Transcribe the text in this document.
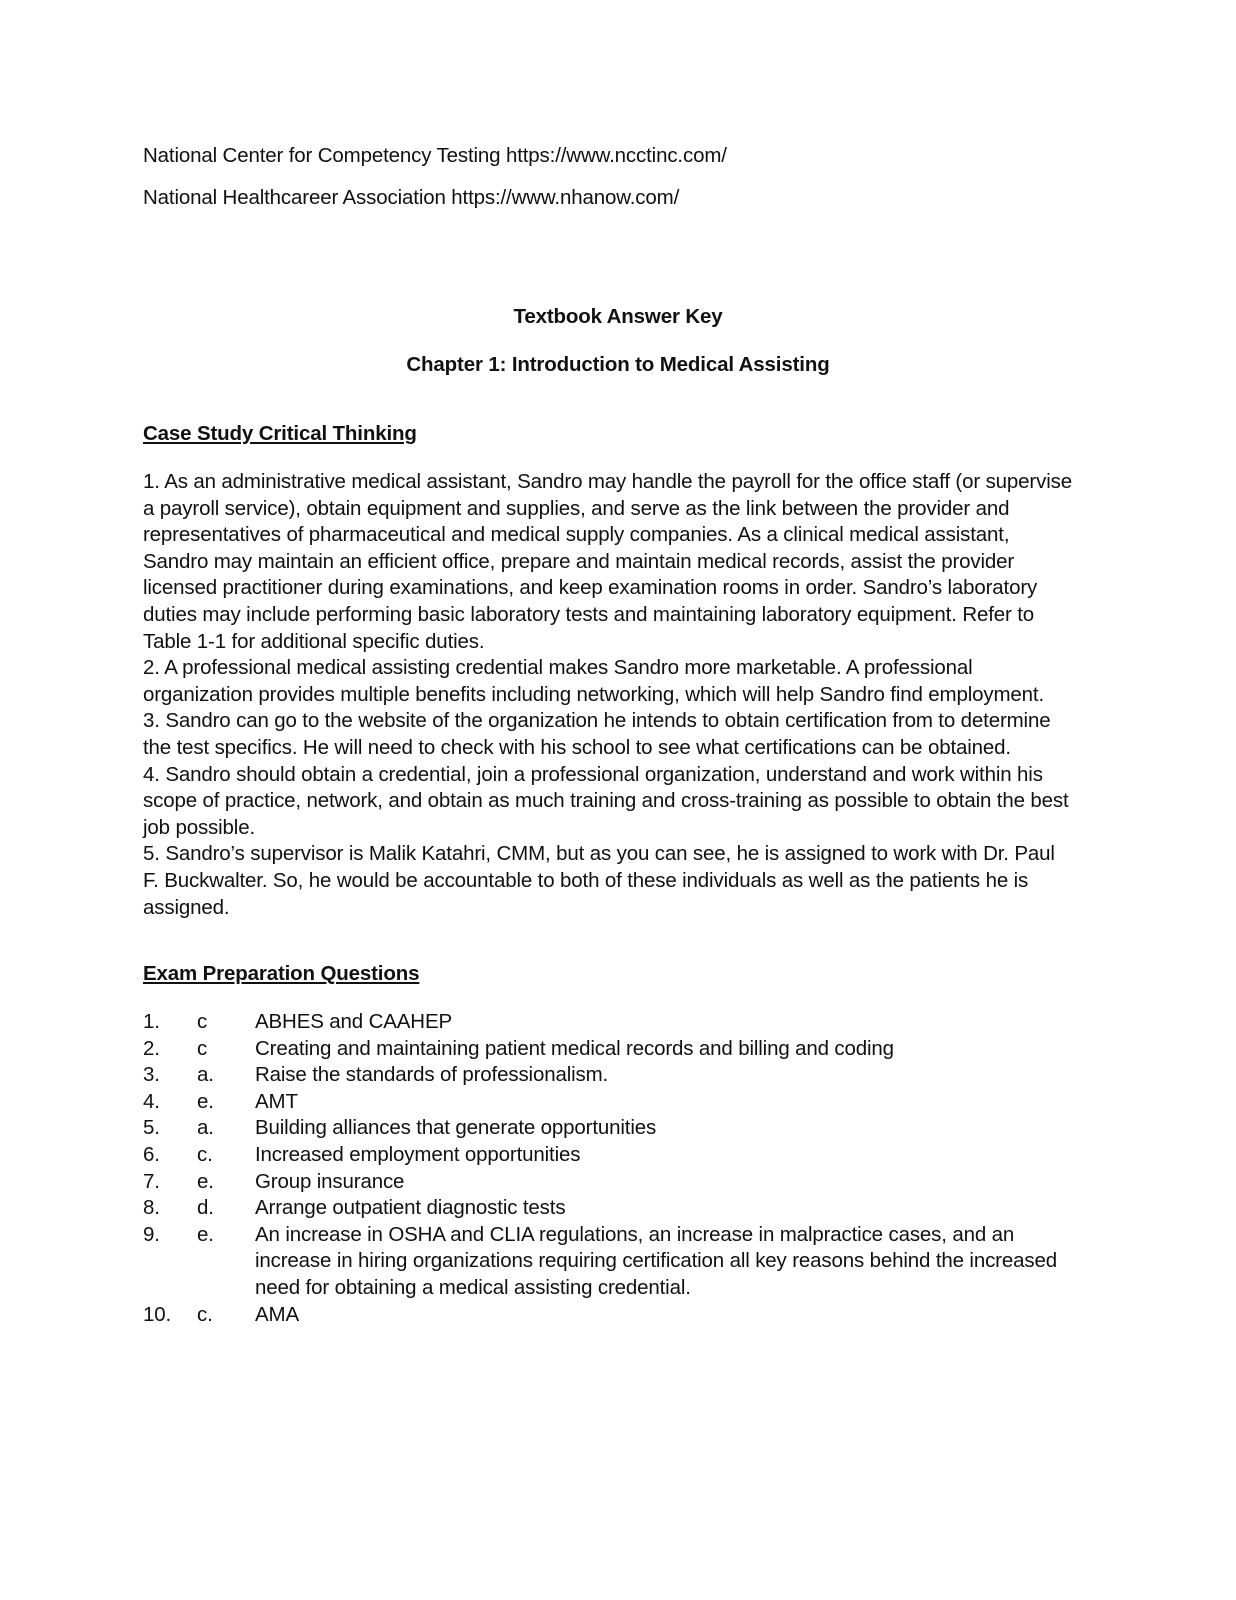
National Center for Competency Testing https://www.ncctinc.com/
National Healthcareer Association https://www.nhanow.com/
Textbook Answer Key
Chapter 1: Introduction to Medical Assisting
Case Study Critical Thinking

1. As an administrative medical assistant, Sandro may handle the payroll for the office staff (or supervise a payroll service), obtain equipment and supplies, and serve as the link between the provider and representatives of pharmaceutical and medical supply companies. As a clinical medical assistant, Sandro may maintain an efficient office, prepare and maintain medical records, assist the provider licensed practitioner during examinations, and keep examination rooms in order. Sandro’s laboratory duties may include performing basic laboratory tests and maintaining laboratory equipment. Refer to Table 1-1 for additional specific duties.

2. A professional medical assisting credential makes Sandro more marketable. A professional organization provides multiple benefits including networking, which will help Sandro find employment.

3. Sandro can go to the website of the organization he intends to obtain certification from to determine the test specifics. He will need to check with his school to see what certifications can be obtained.

4. Sandro should obtain a credential, join a professional organization, understand and work within his scope of practice, network, and obtain as much training and cross-training as possible to obtain the best job possible.

5. Sandro’s supervisor is Malik Katahri, CMM, but as you can see, he is assigned to work with Dr. Paul F. Buckwalter. So, he would be accountable to both of these individuals as well as the patients he is assigned.

Exam Preparation Questions
1.	c	ABHES and CAAHEP
2.	c	Creating and maintaining patient medical records and billing and coding
3.	a.	Raise the standards of professionalism.
4.	e.	AMT
5.	a.	Building alliances that generate opportunities
6.	c.	Increased employment opportunities
7.	e.	Group insurance
8.	d.	Arrange outpatient diagnostic tests
9.	e.	An increase in OSHA and CLIA regulations, an increase in malpractice cases, and an increase in hiring organizations requiring certification all key reasons behind the increased need for obtaining a medical assisting credential.
10.	c.	AMA
